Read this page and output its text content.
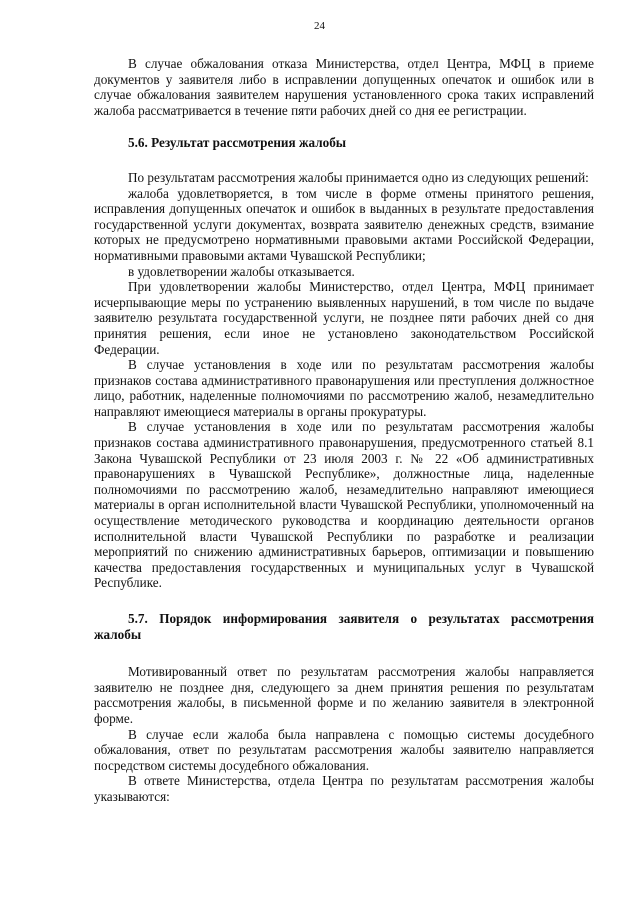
24

В случае обжалования отказа Министерства, отдел Центра, МФЦ в приеме документов у заявителя либо в исправлении допущенных опечаток и ошибок или в случае обжалования заявителем нарушения установленного срока таких исправлений жалоба рассматривается в течение пяти рабочих дней со дня ее регистрации.

5.6. Результат рассмотрения жалобы

По результатам рассмотрения жалобы принимается одно из следующих решений:

жалоба удовлетворяется, в том числе в форме отмены принятого решения, исправления допущенных опечаток и ошибок в выданных в результате предоставления государственной услуги документах, возврата заявителю денежных средств, взимание которых не предусмотрено нормативными правовыми актами Российской Федерации, нормативными правовыми актами Чувашской Республики;

в удовлетворении жалобы отказывается.

При удовлетворении жалобы Министерство, отдел Центра, МФЦ принимает исчерпывающие меры по устранению выявленных нарушений, в том числе по выдаче заявителю результата государственной услуги, не позднее пяти рабочих дней со дня принятия решения, если иное не установлено законодательством Российской Федерации.

В случае установления в ходе или по результатам рассмотрения жалобы признаков состава административного правонарушения или преступления должностное лицо, работник, наделенные полномочиями по рассмотрению жалоб, незамедлительно направляют имеющиеся материалы в органы прокуратуры.

В случае установления в ходе или по результатам рассмотрения жалобы признаков состава административного правонарушения, предусмотренного статьей 8.1 Закона Чувашской Республики от 23 июля 2003 г. № 22 «Об административных правонарушениях в Чувашской Республике», должностные лица, наделенные полномочиями по рассмотрению жалоб, незамедлительно направляют имеющиеся материалы в орган исполнительной власти Чувашской Республики, уполномоченный на осуществление методического руководства и координацию деятельности органов исполнительной власти Чувашской Республики по разработке и реализации мероприятий по снижению административных барьеров, оптимизации и повышению качества предоставления государственных и муниципальных услуг в Чувашской Республике.

5.7. Порядок информирования заявителя о результатах рассмотрения жалобы

Мотивированный ответ по результатам рассмотрения жалобы направляется заявителю не позднее дня, следующего за днем принятия решения по результатам рассмотрения жалобы, в письменной форме и по желанию заявителя в электронной форме.

В случае если жалоба была направлена с помощью системы досудебного обжалования, ответ по результатам рассмотрения жалобы заявителю направляется посредством системы досудебного обжалования.

В ответе Министерства, отдела Центра по результатам рассмотрения жалобы указываются:
